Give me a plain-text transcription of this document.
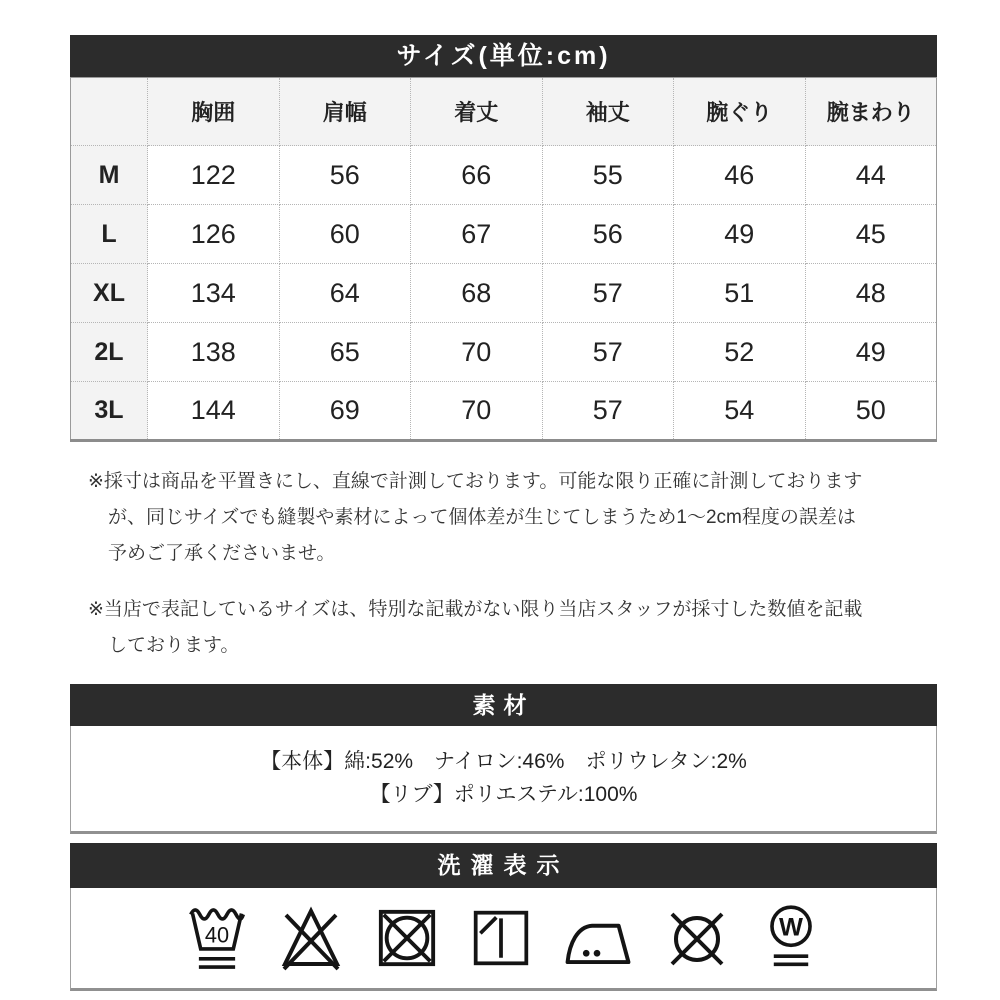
サイズ(単位:cm)
	胸囲	肩幅	着丈	袖丈	腕ぐり	腕まわり
M	122	56	66	55	46	44
L	126	60	67	56	49	45
XL	134	64	68	57	51	48
2L	138	65	70	57	52	49
3L	144	69	70	57	54	50
※採寸は商品を平置きにし、直線で計測しております。可能な限り正確に計測しておりますが、同じサイズでも縫製や素材によって個体差が生じてしまうため1〜2cm程度の誤差は予めご了承くださいませ。
※当店で表記しているサイズは、特別な記載がない限り当店スタッフが採寸した数値を記載しております。
素材
【本体】綿:52%　ナイロン:46%　ポリウレタン:2%
【リブ】ポリエステル:100%
洗濯表示
40	W
